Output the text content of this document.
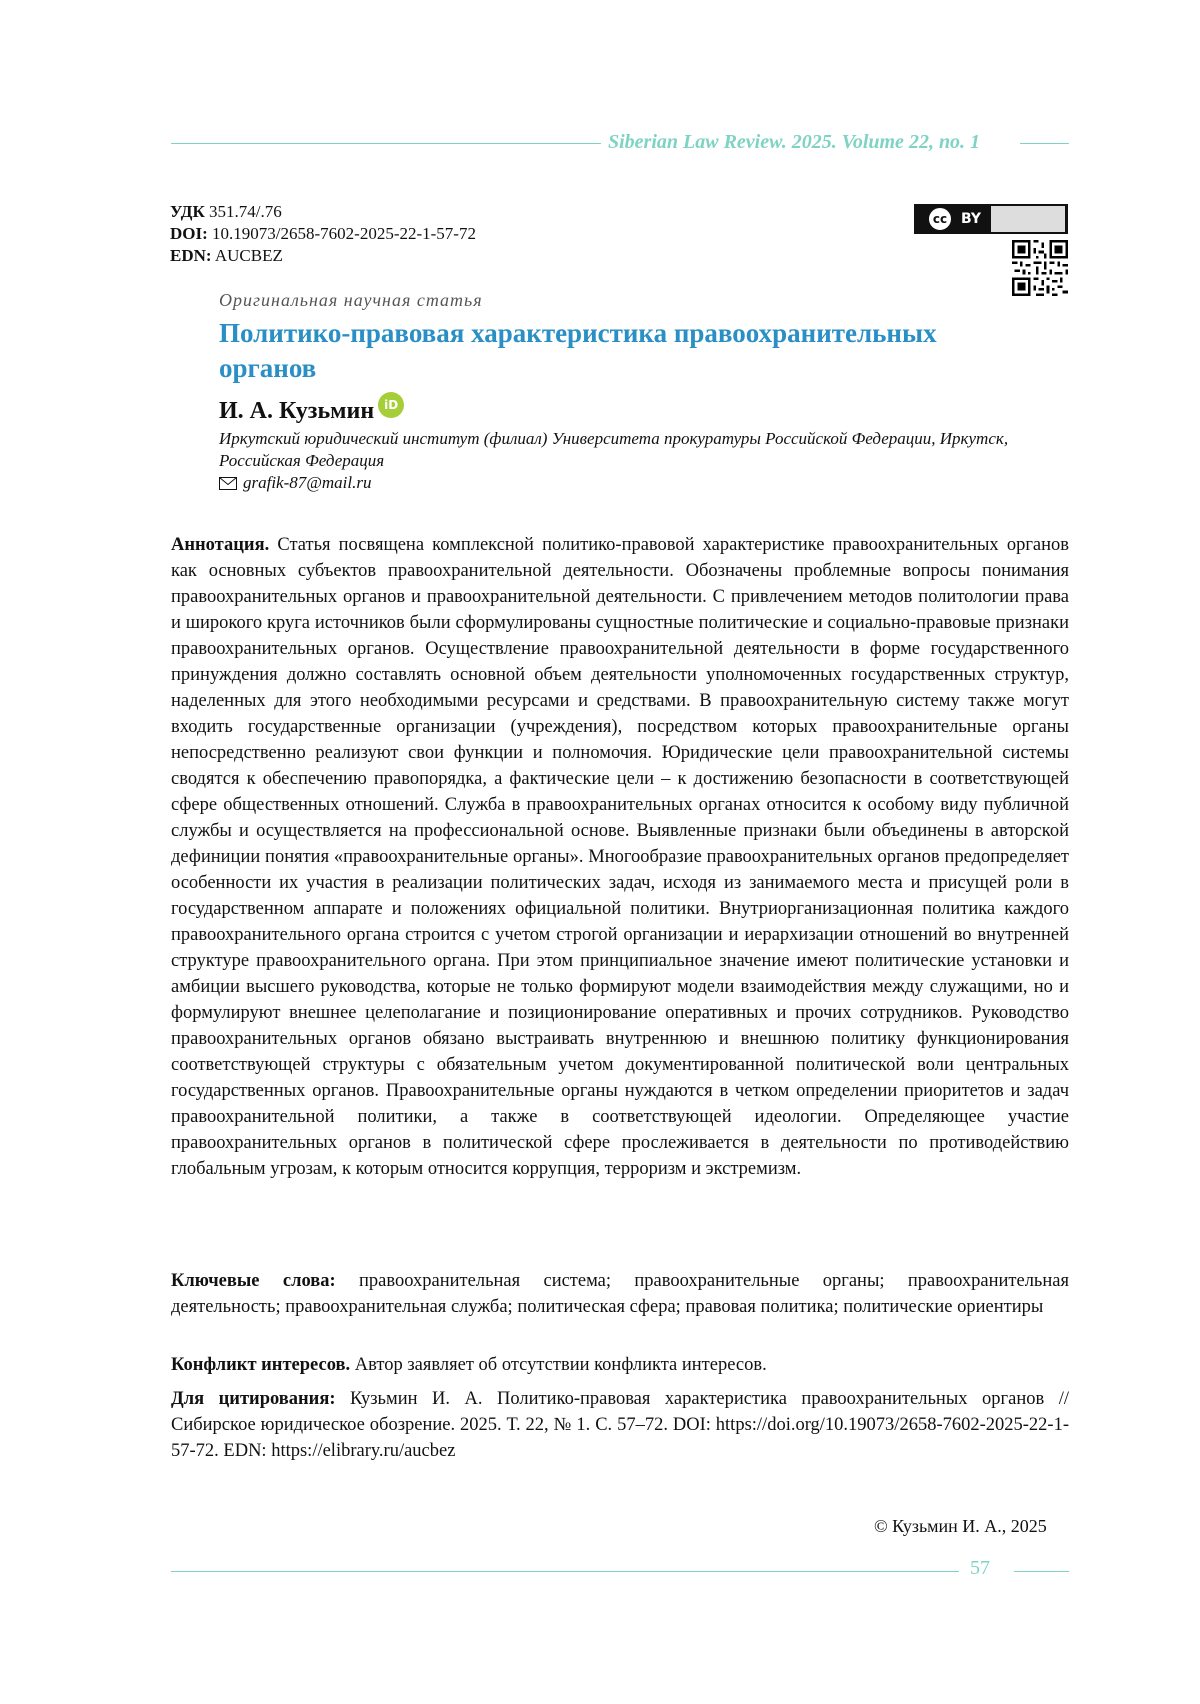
Siberian Law Review. 2025. Volume 22, no. 1
УДК 351.74/.76
DOI: 10.19073/2658-7602-2025-22-1-57-72
EDN: AUCBEZ
cc BY
Оригинальная научная статья
Политико-правовая характеристика правоохранительных органов
И. А. Кузьмин iD
Иркутский юридический институт (филиал) Университета прокуратуры Российской Федерации, Иркутск, Российская Федерация
grafik-87@mail.ru
Аннотация. Статья посвящена комплексной политико-правовой характеристике правоохранительных органов как основных субъектов правоохранительной деятельности. Обозначены проблемные вопросы понимания правоохранительных органов и правоохранительной деятельности. С привлечением методов политологии права и широкого круга источников были сформулированы сущностные политические и социально-правовые признаки правоохранительных органов. Осуществление правоохранительной деятельности в форме государственного принуждения должно составлять основной объем деятельности уполномоченных государственных структур, наделенных для этого необходимыми ресурсами и средствами. В правоохранительную систему также могут входить государственные организации (учреждения), посредством которых правоохранительные органы непосредственно реализуют свои функции и полномочия. Юридические цели правоохранительной системы сводятся к обеспечению правопорядка, а фактические цели – к достижению безопасности в соответствующей сфере общественных отношений. Служба в правоохранительных органах относится к особому виду публичной службы и осуществляется на профессиональной основе. Выявленные признаки были объединены в авторской дефиниции понятия «правоохранительные органы». Многообразие правоохранительных органов предопределяет особенности их участия в реализации политических задач, исходя из занимаемого места и присущей роли в государственном аппарате и положениях официальной политики. Внутриорганизационная политика каждого правоохранительного органа строится с учетом строгой организации и иерархизации отношений во внутренней структуре правоохранительного органа. При этом принципиальное значение имеют политические установки и амбиции высшего руководства, которые не только формируют модели взаимодействия между служащими, но и формулируют внешнее целеполагание и позиционирование оперативных и прочих сотрудников. Руководство правоохранительных органов обязано выстраивать внутреннюю и внешнюю политику функционирования соответствующей структуры с обязательным учетом документированной политической воли центральных государственных органов. Правоохранительные органы нуждаются в четком определении приоритетов и задач правоохранительной политики, а также в соответствующей идеологии. Определяющее участие правоохранительных органов в политической сфере прослеживается в деятельности по противодействию глобальным угрозам, к которым относится коррупция, терроризм и экстремизм.
Ключевые слова: правоохранительная система; правоохранительные органы; правоохранительная деятельность; правоохранительная служба; политическая сфера; правовая политика; политические ориентиры
Конфликт интересов. Автор заявляет об отсутствии конфликта интересов.
Для цитирования: Кузьмин И. А. Политико-правовая характеристика правоохранительных органов // Сибирское юридическое обозрение. 2025. Т. 22, № 1. С. 57–72. DOI: https://doi.org/10.19073/2658-7602-2025-22-1-57-72. EDN: https://elibrary.ru/aucbez
© Кузьмин И. А., 2025
57
